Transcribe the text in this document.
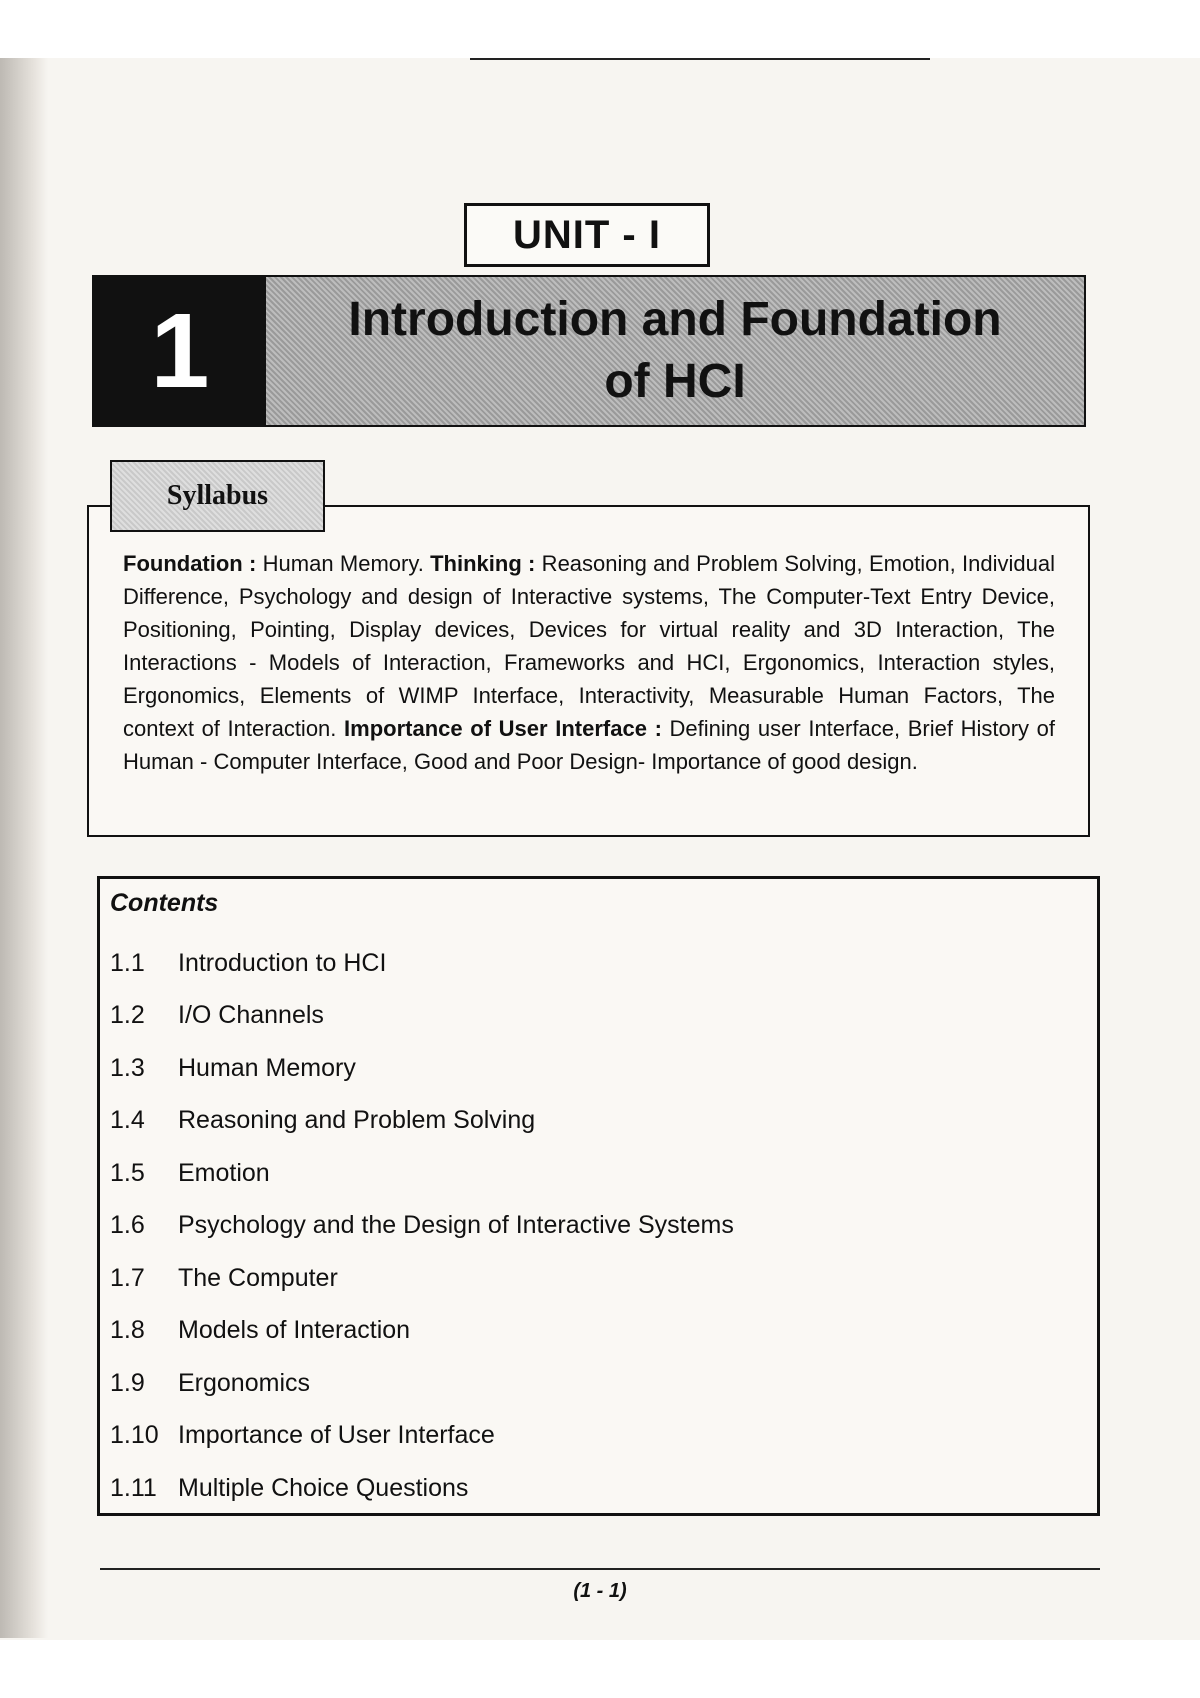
UNIT - I
1	Introduction and Foundation
of HCI
Foundation : Human Memory. Thinking : Reasoning and Problem Solving, Emotion, Individual Difference, Psychology and design of Interactive systems, The Computer-Text Entry Device, Positioning, Pointing, Display devices, Devices for virtual reality and 3D Interaction, The Interactions - Models of Interaction, Frameworks and HCI, Ergonomics, Interaction styles, Ergonomics, Elements of WIMP Interface, Interactivity, Measurable Human Factors, The context of Interaction. Importance of User Interface : Defining user Interface, Brief History of Human - Computer Interface, Good and Poor Design- Importance of good design.
Syllabus
Contents
1.1	Introduction to HCI
1.2	I/O Channels
1.3	Human Memory
1.4	Reasoning and Problem Solving
1.5	Emotion
1.6	Psychology and the Design of Interactive Systems
1.7	The Computer
1.8	Models of Interaction
1.9	Ergonomics
1.10 Importance of User Interface
1.11 Multiple Choice Questions
(1 - 1)
